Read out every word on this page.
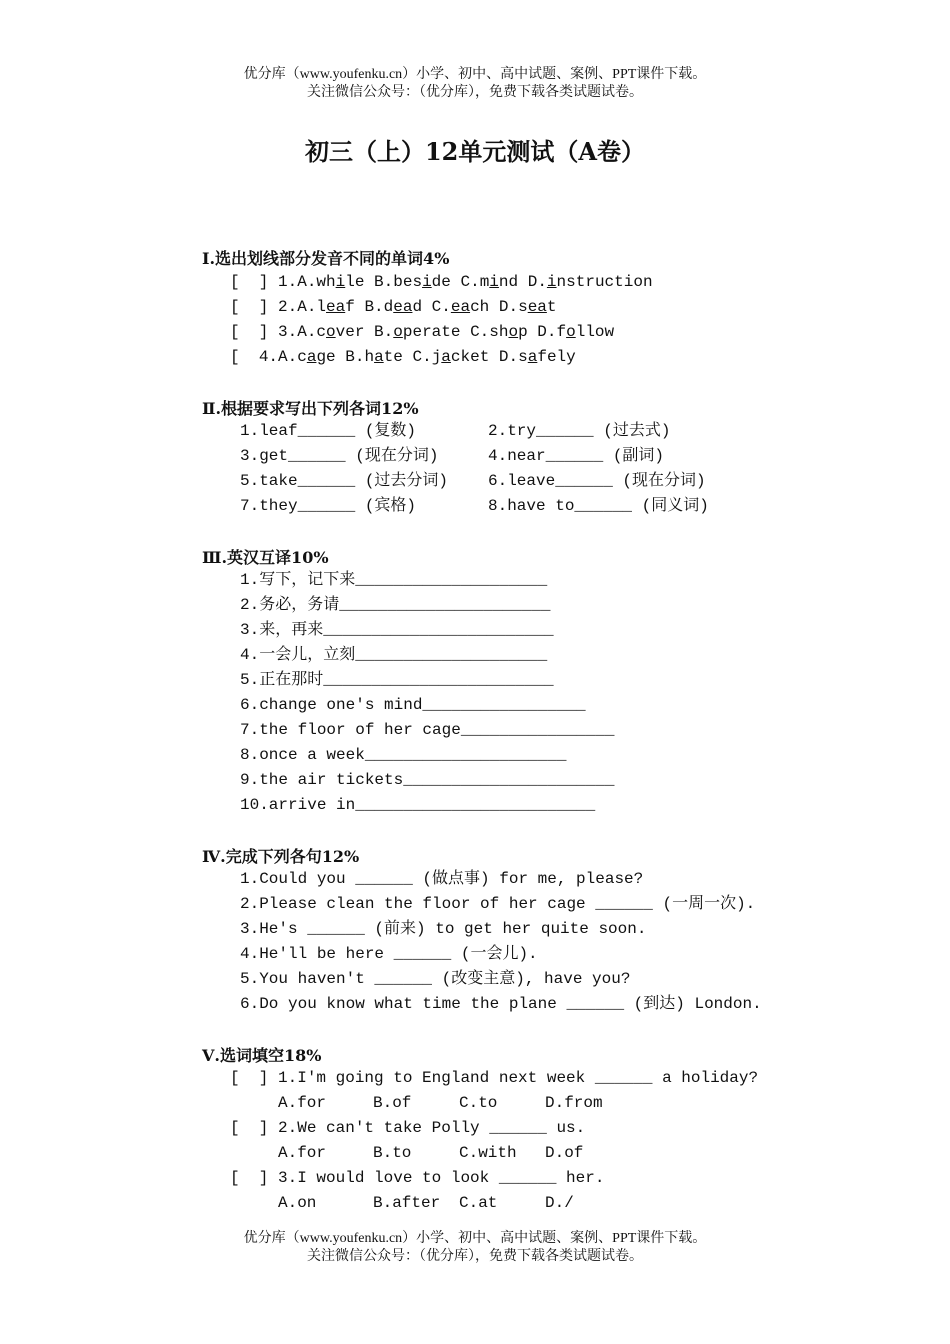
优分库（www.youfenku.cn）小学、初中、高中试题、案例、PPT课件下载。
关注微信公众号：（优分库），免费下载各类试题试卷。
初三（上）12单元测试（A卷）
Ⅰ.选出划线部分发音不同的单词4%
[  ] 1.A.while B.beside C.mind D.instruction
[  ] 2.A.leaf B.dead C.each D.seat
[  ] 3.A.cover B.operate C.shop D.follow
[  4.A.cage B.hate C.jacket D.safely
Ⅱ.根据要求写出下列各词12%
1.leaf______ (复数)	2.try______ (过去式)
3.get______ (现在分词)	4.near______ (副词)
5.take______ (过去分词) 6.leave______ (现在分词)
7.they______ (宾格)	8.have to______ (同义词)
Ⅲ.英汉互译10%
1.写下，记下来____________________
2.务必，务请______________________
3.来，再来________________________
4.一会儿，立刻____________________
5.正在那时________________________
6.change one's mind_________________
7.the floor of her cage________________
8.once a week_____________________
9.the air tickets______________________
10.arrive in_________________________
Ⅳ.完成下列各句12%
1.Could you ______ (做点事) for me, please?
2.Please clean the floor of her cage ______ (一周一次).
3.He's ______ (前来) to get her quite soon.
4.He'll be here ______ (一会儿).
5.You haven't ______ (改变主意), have you?
6.Do you know what time the plane ______ (到达) London.
Ⅴ.选词填空18%
[  ] 1.I'm going to England next week ______ a holiday?
A.for	B.of	C.to	D.from
[  ] 2.We can't take Polly ______ us.
A.for	B.to	C.with D.of
[  ] 3.I would love to look ______ her.
A.on	B.after C.at	D./
优分库（www.youfenku.cn）小学、初中、高中试题、案例、PPT课件下载。
关注微信公众号：（优分库），免费下载各类试题试卷。
